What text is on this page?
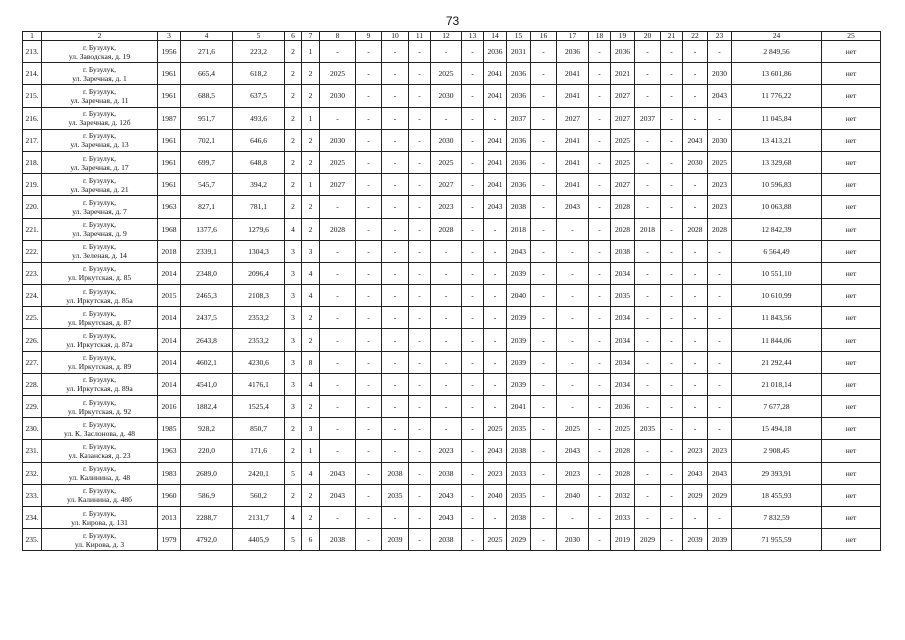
73
1	2	3	4	5	6	7	8	9	10	11	12	13	14	15	16	17	18	19	20	21	22	23	24	25
213.	г. Бузулук,
ул. Заводская, д. 19	1956	271,6	223,2	2	1	-	-	-	-	-	-	2036	2031	-	2036	-	2036	-	-	-	-	2 849,56	нет
214.	г. Бузулук,
ул. Заречная, д. 1	1961	665,4	618,2	2	2	2025	-	-	-	2025	-	2041	2036	-	2041	-	2021	-	-	-	2030	13 601,86	нет
215.	г. Бузулук,
ул. Заречная, д. 11	1961	688,5	637,5	2	2	2030	-	-	-	2030	-	2041	2036	-	2041	-	2027	-	-	-	2043	11 776,22	нет
216.	г. Бузулук,
ул. Заречная, д. 12б	1987	951,7	493,6	2	1	-	-	-	-	-	-	-	2037	-	2027	-	2027	2037	-	-	-	11 045,84	нет
217.	г. Бузулук,
ул. Заречная, д. 13	1961	702,1	646,6	2	2	2030	-	-	-	2030	-	2041	2036	-	2041	-	2025	-	-	2043	2030	13 413,21	нет
218.	г. Бузулук,
ул. Заречная, д. 17	1961	699,7	648,8	2	2	2025	-	-	-	2025	-	2041	2036	-	2041	-	2025	-	-	2030	2025	13 329,68	нет
219.	г. Бузулук,
ул. Заречная, д. 21	1961	545,7	394,2	2	1	2027	-	-	-	2027	-	2041	2036	-	2041	-	2027	-	-	-	2023	10 596,83	нет
220.	г. Бузулук,
ул. Заречная, д. 7	1963	827,1	781,1	2	2	-	-	-	-	2023	-	2043	2038	-	2043	-	2028	-	-	-	2023	10 063,88	нет
221.	г. Бузулук,
ул. Заречная, д. 9	1968	1377,6	1279,6	4	2	2028	-	-	-	2028	-	-	2018	-	-	-	2028	2018	-	2028	2028	12 842,39	нет
222.	г. Бузулук,
ул. Зеленая, д. 14	2018	2339,1	1304,3	3	3	-	-	-	-	-	-	-	2043	-	-	-	2038	-	-	-	-	6 564,49	нет
223.	г. Бузулук,
ул. Иркутская, д. 85	2014	2348,0	2096,4	3	4	-	-	-	-	-	-	-	2039	-	-	-	2034	-	-	-	-	10 551,10	нет
224.	г. Бузулук,
ул. Иркутская, д. 85а	2015	2465,3	2108,3	3	4	-	-	-	-	-	-	-	2040	-	-	-	2035	-	-	-	-	10 610,99	нет
225.	г. Бузулук,
ул. Иркутская, д. 87	2014	2437,5	2353,2	3	2	-	-	-	-	-	-	-	2039	-	-	-	2034	-	-	-	-	11 843,56	нет
226.	г. Бузулук,
ул. Иркутская, д. 87а	2014	2643,8	2353,2	3	2	-	-	-	-	-	-	-	2039	-	-	-	2034	-	-	-	-	11 844,06	нет
227.	г. Бузулук,
ул. Иркутская, д. 89	2014	4602,1	4230,6	3	8	-	-	-	-	-	-	-	2039	-	-	-	2034	-	-	-	-	21 292,44	нет
228.	г. Бузулук,
ул. Иркутская, д. 89а	2014	4541,0	4176,1	3	4	-	-	-	-	-	-	-	2039	-	-	-	2034	-	-	-	-	21 018,14	нет
229.	г. Бузулук,
ул. Иркутская, д. 92	2016	1882,4	1525,4	3	2	-	-	-	-	-	-	-	2041	-	-	-	2036	-	-	-	-	7 677,28	нет
230.	г. Бузулук,
ул. К. Заслонова, д. 48	1985	928,2	850,7	2	3	-	-	-	-	-	-	2025	2035	-	2025	-	2025	2035	-	-	-	15 494,18	нет
231.	г. Бузулук,
ул. Казанская, д. 23	1963	220,0	171,6	2	1	-	-	-	-	2023	-	2043	2038	-	2043	-	2028	-	-	2023	2023	2 908,45	нет
232.	г. Бузулук,
ул. Калинина, д. 48	1983	2689,0	2420,1	5	4	2043	-	2038	-	2038	-	2023	2033	-	2023	-	2028	-	-	2043	2043	29 393,91	нет
233.	г. Бузулук,
ул. Калинина, д. 48б	1960	586,9	560,2	2	2	2043	-	2035	-	2043	-	2040	2035	-	2040	-	2032	-	-	2029	2029	18 455,93	нет
234.	г. Бузулук,
ул. Кирова, д. 131	2013	2288,7	2131,7	4	2	-	-	-	-	2043	-	-	2038	-	-	-	2033	-	-	-	-	7 832,59	нет
235.	г. Бузулук,
ул. Кирова, д. 3	1979	4792,0	4405,9	5	6	2038	-	2039	-	2038	-	2025	2029	-	2030	-	2019	2029	-	2039	2039	71 955,59	нет
